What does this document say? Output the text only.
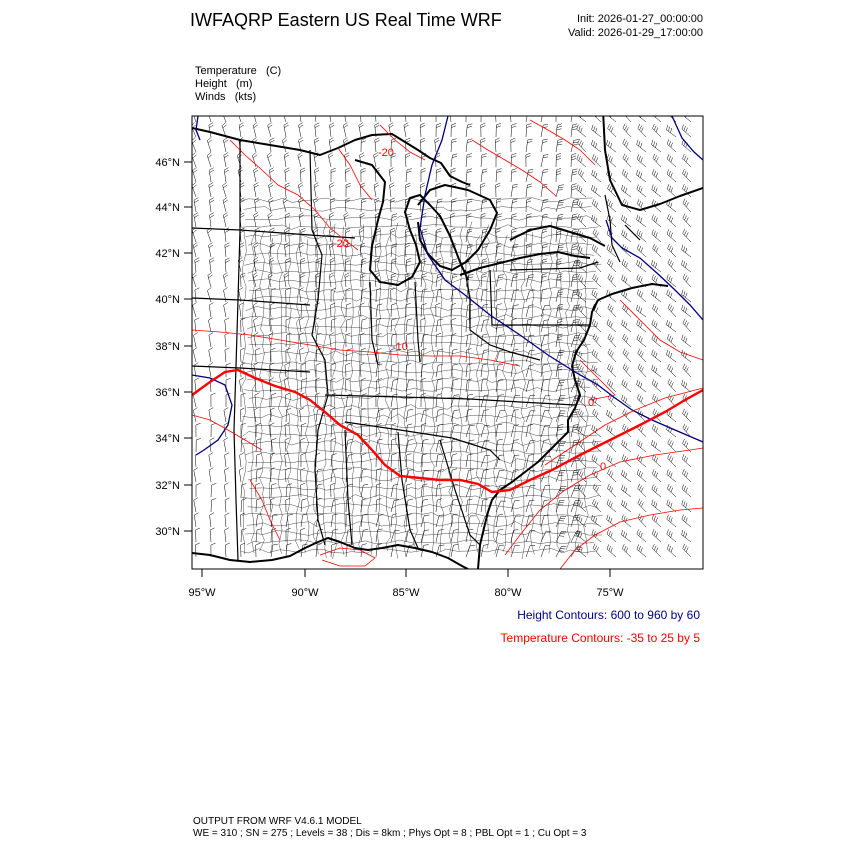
IWFAQRP Eastern US Real Time WRF	Init: 2026-01-27_00:00:00
Valid: 2026-01-29_17:00:00
Temperature (C)
Height (m)
Winds (kts)
-20
-20
-10
0
0
46°N
44°N
42°N
40°N
38°N
36°N
34°N
32°N
30°N
95°W	90°W	85°W	80°W	75°W
Height Contours: 600 to 960 by 60
Temperature Contours: -35 to 25 by 5
OUTPUT FROM WRF V4.6.1 MODEL
WE = 310 ; SN = 275 ; Levels = 38 ; Dis = 8km ; Phys Opt = 8 ; PBL Opt = 1 ; Cu Opt = 3
